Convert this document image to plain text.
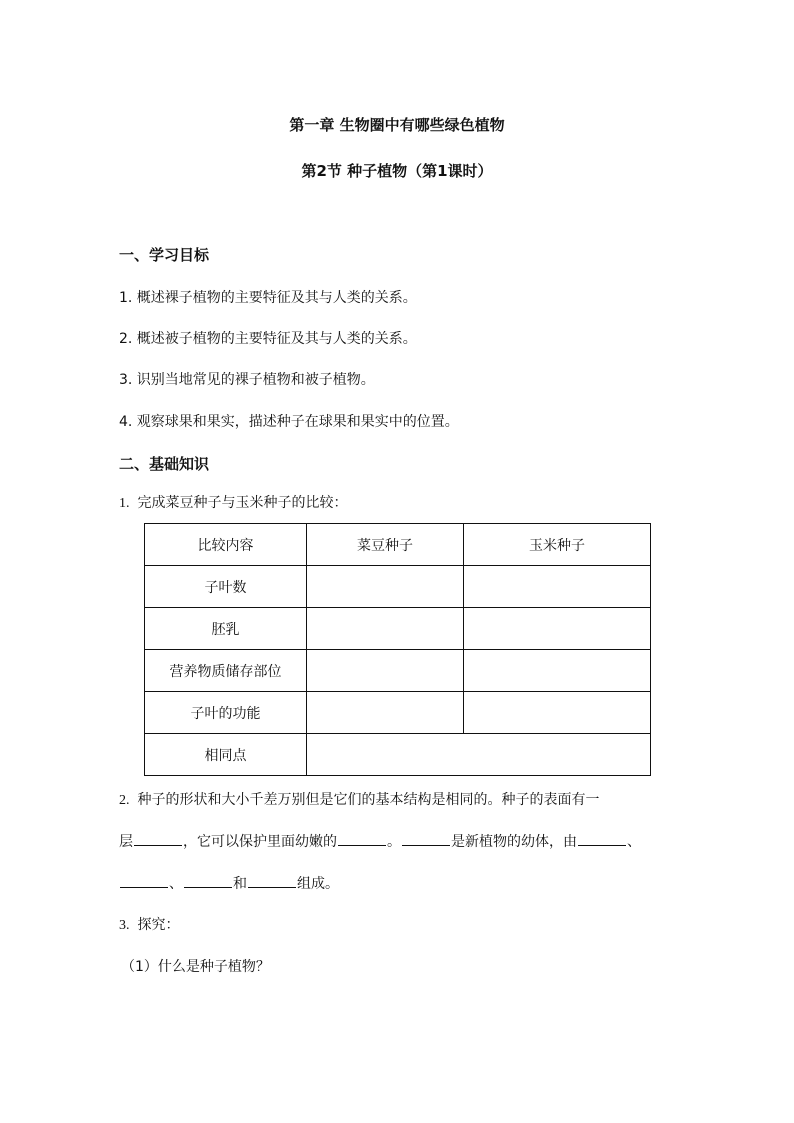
第一章 生物圈中有哪些绿色植物
第2节 种子植物（第1课时）
一、学习目标
1. 概述裸子植物的主要特征及其与人类的关系。
2. 概述被子植物的主要特征及其与人类的关系。
3. 识别当地常见的裸子植物和被子植物。
4. 观察球果和果实，描述种子在球果和果实中的位置。
二、基础知识
1. 完成菜豆种子与玉米种子的比较：
比较内容	菜豆种子	玉米种子
子叶数		
胚乳		
营养物质储存部位		
子叶的功能		
相同点		
2. 种子的形状和大小千差万别但是它们的基本结构是相同的。种子的表面有一
层	，它可以保护里面幼嫩的	。	是新植物的幼体，由	、
、	和	组成。
3. 探究：
（1）什么是种子植物？
